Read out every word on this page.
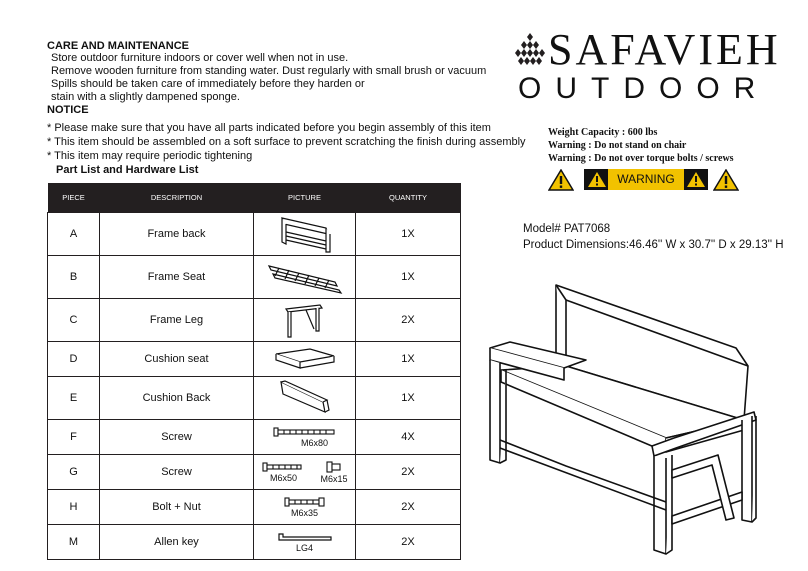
CARE AND MAINTENANCE
Store outdoor furniture indoors or cover well when not in use.
Remove wooden furniture from standing water. Dust regularly with small brush or vacuum
Spills should be taken care of immediately before they harden or
stain with a slightly dampened sponge.
NOTICE
* Please make sure that you have all parts indicated before you begin assembly of this item
* This item should be assembled on a soft surface to prevent scratching the finish during assembly
* This item may require periodic tightening
SAFAVIEH
OUTDOOR
Weight Capacity : 600 lbs
Warning : Do not stand on chair
Warning : Do not over torque bolts / screws
WARNING
Model# PAT7068
Product Dimensions:46.46'' W x 30.7'' D x 29.13'' H
Part List and Hardware List
PIECE	DESCRIPTION	PICTURE	QUANTITY
A	Frame back		1X
B	Frame Seat		1X
C	Frame Leg		2X
D	Cushion seat		1X
E	Cushion Back		1X
F	Screw	M6x80	4X
G	Screw	M6x50 M6x15	2X
H	Bolt + Nut	M6x35	2X
M	Allen key	LG4	2X
